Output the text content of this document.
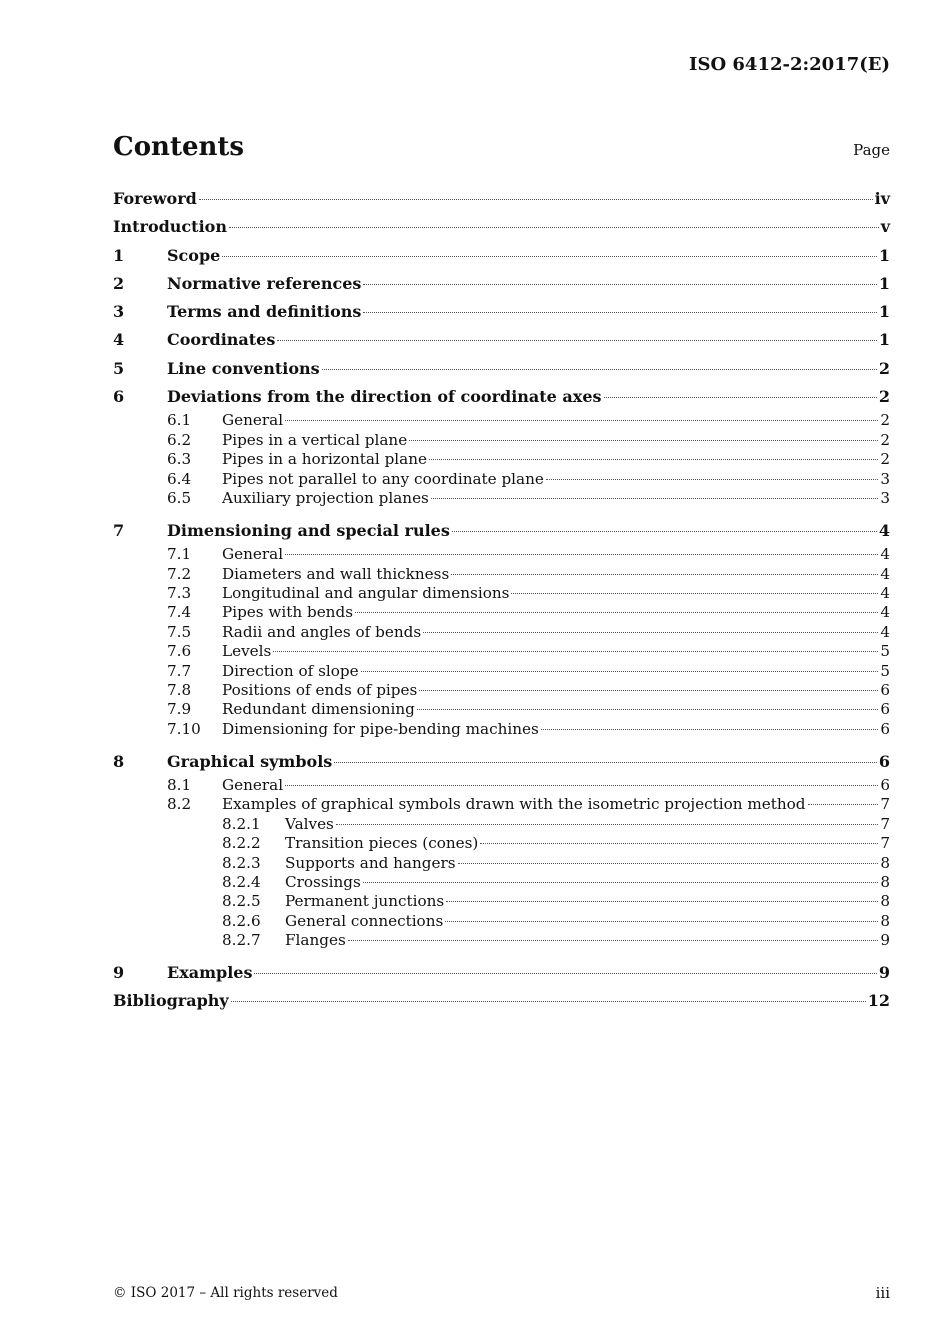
ISO 6412-2:2017(E)
Contents	Page
Foreword	iv
Introduction	v
1	Scope	1
2	Normative references	1
3	Terms and definitions	1
4	Coordinates	1
5	Line conventions	2
6	Deviations from the direction of coordinate axes	2
6.1	General	2
6.2	Pipes in a vertical plane	2
6.3	Pipes in a horizontal plane	2
6.4	Pipes not parallel to any coordinate plane	3
6.5	Auxiliary projection planes	3
7	Dimensioning and special rules	4
7.1	General	4
7.2	Diameters and wall thickness	4
7.3	Longitudinal and angular dimensions	4
7.4	Pipes with bends	4
7.5	Radii and angles of bends	4
7.6	Levels	5
7.7	Direction of slope	5
7.8	Positions of ends of pipes	6
7.9	Redundant dimensioning	6
7.10	Dimensioning for pipe-bending machines	6
8	Graphical symbols	6
8.1	General	6
8.2	Examples of graphical symbols drawn with the isometric projection method	7
8.2.1	Valves	7
8.2.2	Transition pieces (cones)	7
8.2.3	Supports and hangers	8
8.2.4	Crossings	8
8.2.5	Permanent junctions	8
8.2.6	General connections	8
8.2.7	Flanges	9
9	Examples	9
Bibliography	12
© ISO 2017 – All rights reserved	iii
